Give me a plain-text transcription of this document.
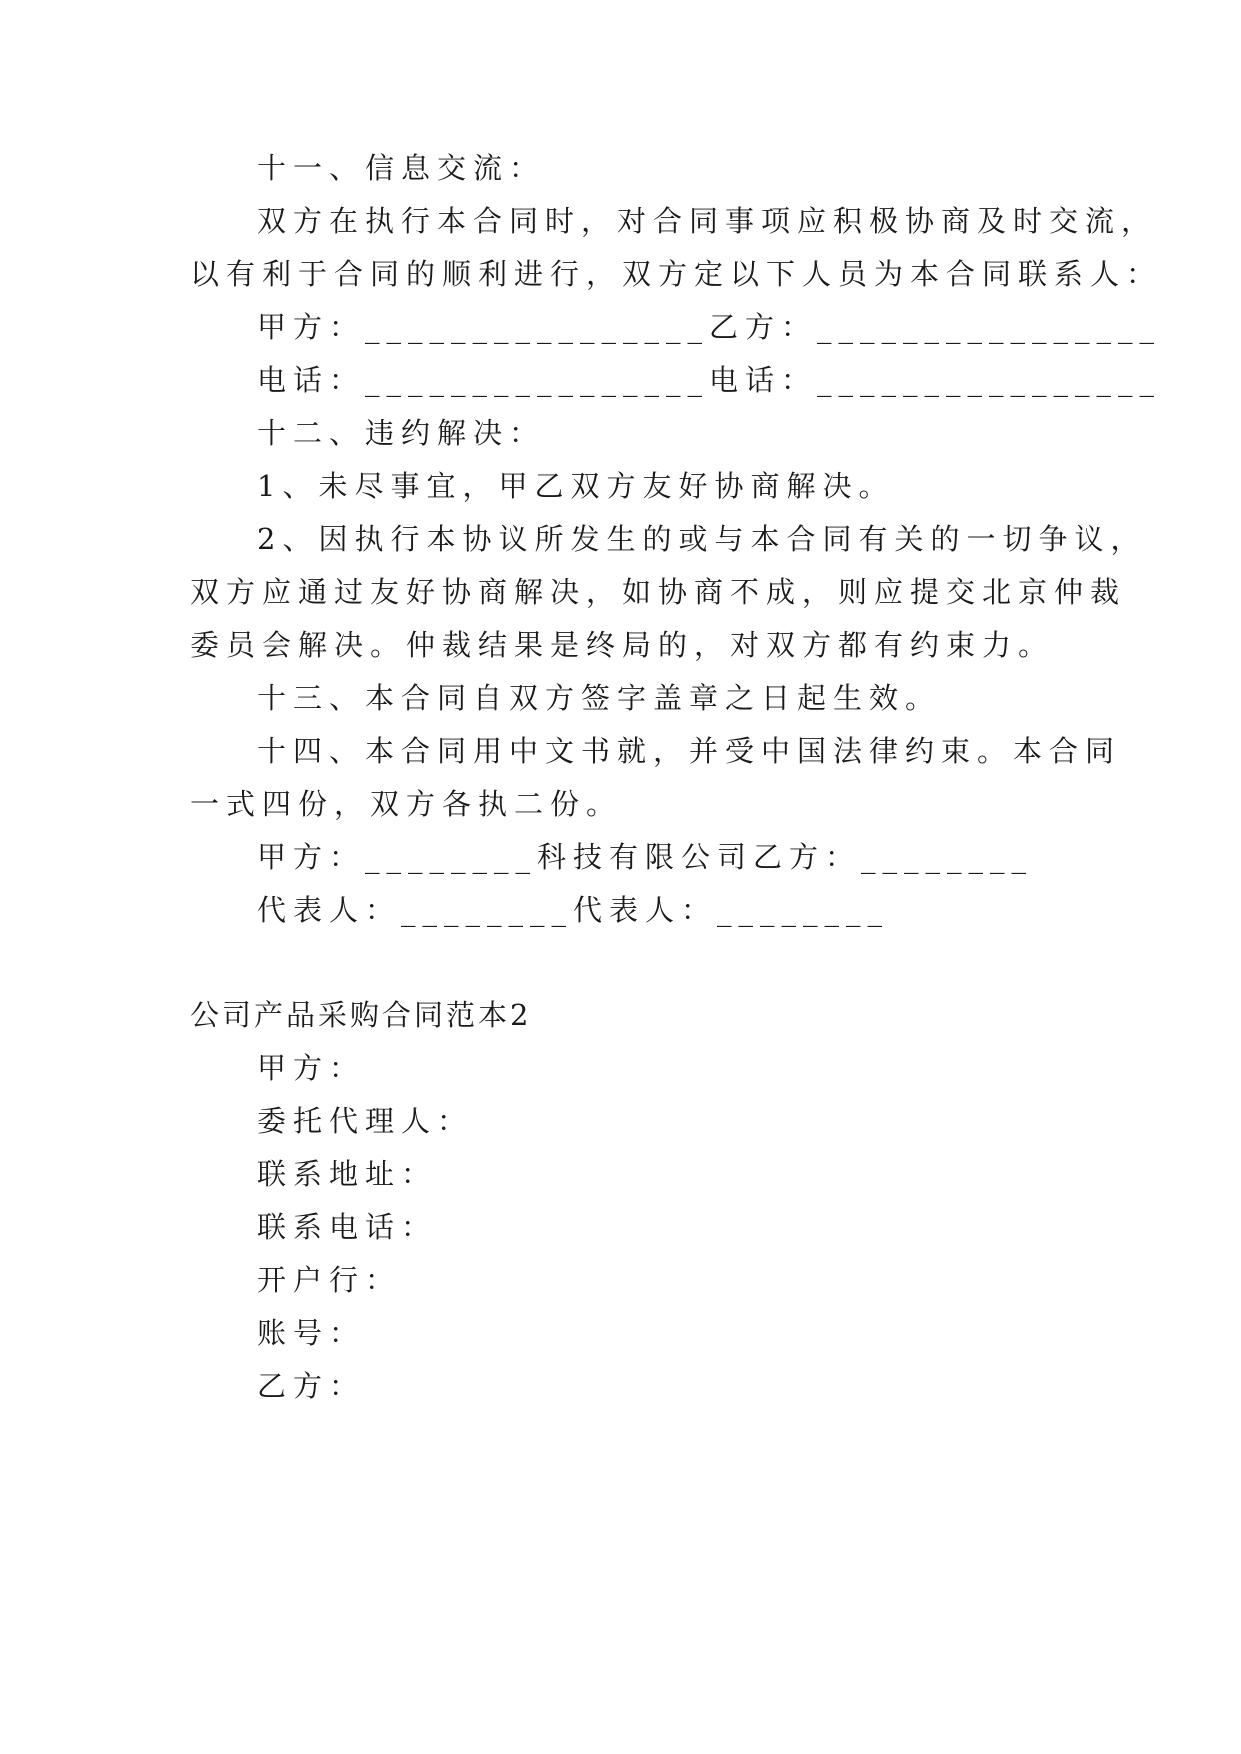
十一、信息交流：
双方在执行本合同时，对合同事项应积极协商及时交流，
以有利于合同的顺利进行，双方定以下人员为本合同联系人：
甲方：________________乙方：________________
电话：________________电话：________________
十二、违约解决：
1、未尽事宜，甲乙双方友好协商解决。
2、因执行本协议所发生的或与本合同有关的一切争议，
双方应通过友好协商解决，如协商不成，则应提交北京仲裁
委员会解决。仲裁结果是终局的，对双方都有约束力。
十三、本合同自双方签字盖章之日起生效。
十四、本合同用中文书就，并受中国法律约束。本合同
一式四份，双方各执二份。
甲方：________科技有限公司乙方：________
代表人：________代表人：________
公司产品采购合同范本2
甲方：
委托代理人：
联系地址：
联系电话：
开户行：
账号：
乙方：
